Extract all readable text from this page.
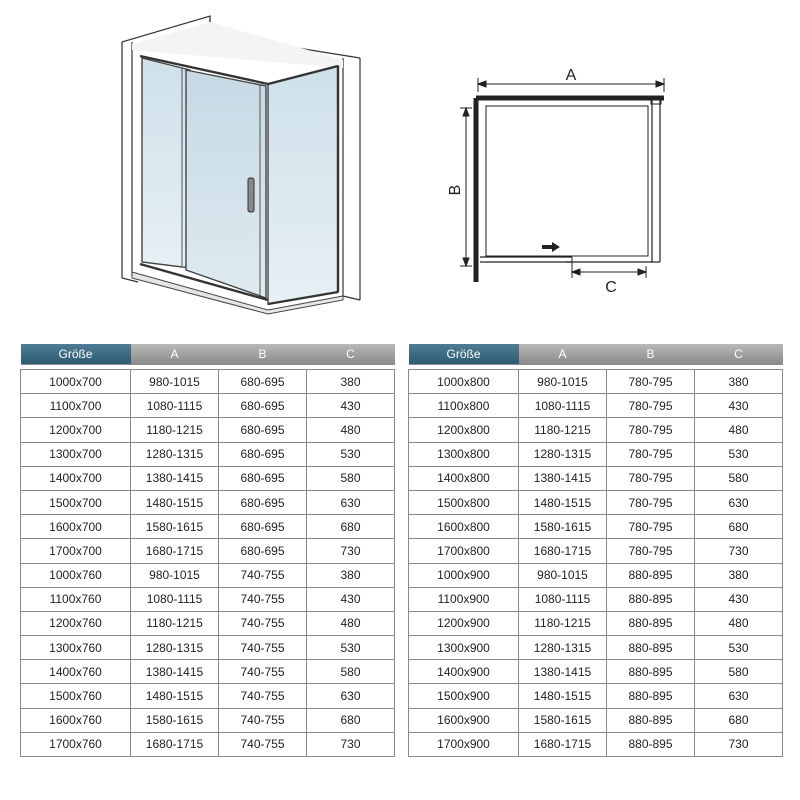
A
B
C
Größe	A	B	C

1000x700	980-1015	680-695	380
1100x700	1080-1115	680-695	430
1200x700	1180-1215	680-695	480
1300x700	1280-1315	680-695	530
1400x700	1380-1415	680-695	580
1500x700	1480-1515	680-695	630
1600x700	1580-1615	680-695	680
1700x700	1680-1715	680-695	730
1000x760	980-1015	740-755	380
1100x760	1080-1115	740-755	430
1200x760	1180-1215	740-755	480
1300x760	1280-1315	740-755	530
1400x760	1380-1415	740-755	580
1500x760	1480-1515	740-755	630
1600x760	1580-1615	740-755	680
1700x760	1680-1715	740-755	730
Größe	A	B	C

1000x800	980-1015	780-795	380
1100x800	1080-1115	780-795	430
1200x800	1180-1215	780-795	480
1300x800	1280-1315	780-795	530
1400x800	1380-1415	780-795	580
1500x800	1480-1515	780-795	630
1600x800	1580-1615	780-795	680
1700x800	1680-1715	780-795	730
1000x900	980-1015	880-895	380
1100x900	1080-1115	880-895	430
1200x900	1180-1215	880-895	480
1300x900	1280-1315	880-895	530
1400x900	1380-1415	880-895	580
1500x900	1480-1515	880-895	630
1600x900	1580-1615	880-895	680
1700x900	1680-1715	880-895	730
